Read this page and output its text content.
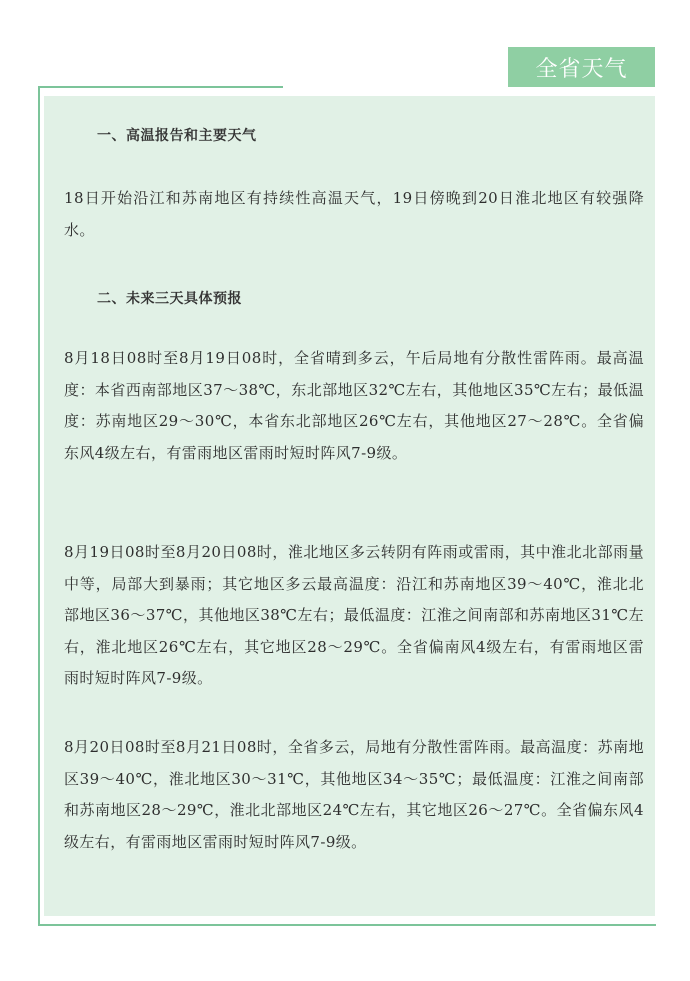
全省天气
一、高温报告和主要天气

18日开始沿江和苏南地区有持续性高温天气，19日傍晚到20日淮北地区有较强降水。

二、未来三天具体预报

8月18日08时至8月19日08时，全省晴到多云，午后局地有分散性雷阵雨。最高温度：本省西南部地区37～38℃，东北部地区32℃左右，其他地区35℃左右；最低温度：苏南地区29～30℃，本省东北部地区26℃左右，其他地区27～28℃。全省偏东风4级左右，有雷雨地区雷雨时短时阵风7-9级。

8月19日08时至8月20日08时，淮北地区多云转阴有阵雨或雷雨，其中淮北北部雨量中等，局部大到暴雨；其它地区多云最高温度：沿江和苏南地区39～40℃，淮北北部地区36～37℃，其他地区38℃左右；最低温度：江淮之间南部和苏南地区31℃左右，淮北地区26℃左右，其它地区28～29℃。全省偏南风4级左右，有雷雨地区雷雨时短时阵风7-9级。

8月20日08时至8月21日08时，全省多云，局地有分散性雷阵雨。最高温度：苏南地区39～40℃，淮北地区30～31℃，其他地区34～35℃；最低温度：江淮之间南部和苏南地区28～29℃，淮北北部地区24℃左右，其它地区26～27℃。全省偏东风4级左右，有雷雨地区雷雨时短时阵风7-9级。
